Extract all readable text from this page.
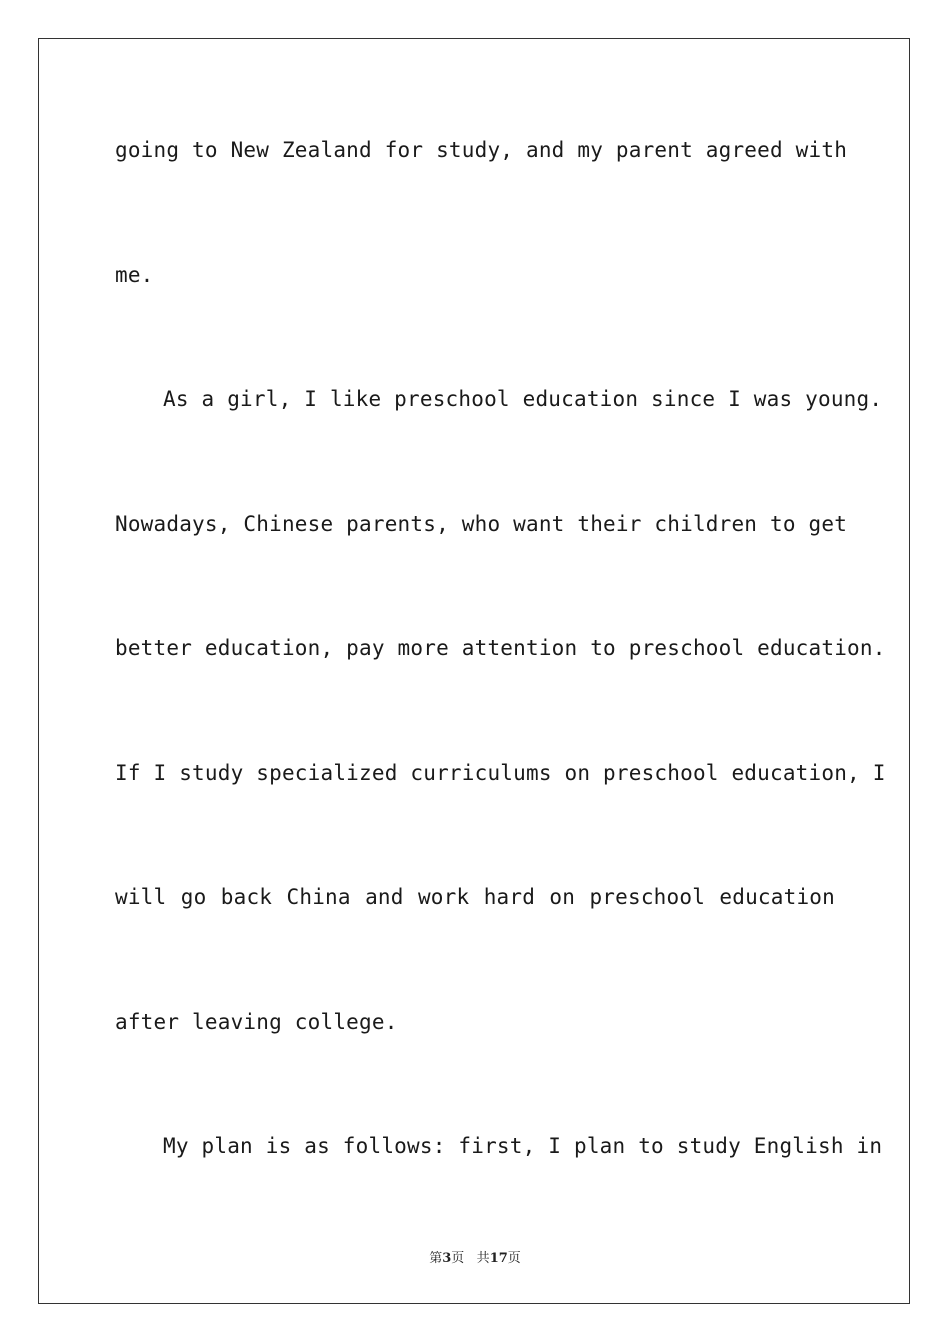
going to New Zealand for study, and my parent agreed with
me.
As a girl, I like preschool education since I was young.
Nowadays, Chinese parents, who want their children to get
better education, pay more attention to preschool education.
If I study specialized curriculums on preschool education, I
will go back China and work hard on preschool education
after leaving college.
My plan is as follows: first, I plan to study English in
第3页 共17页
